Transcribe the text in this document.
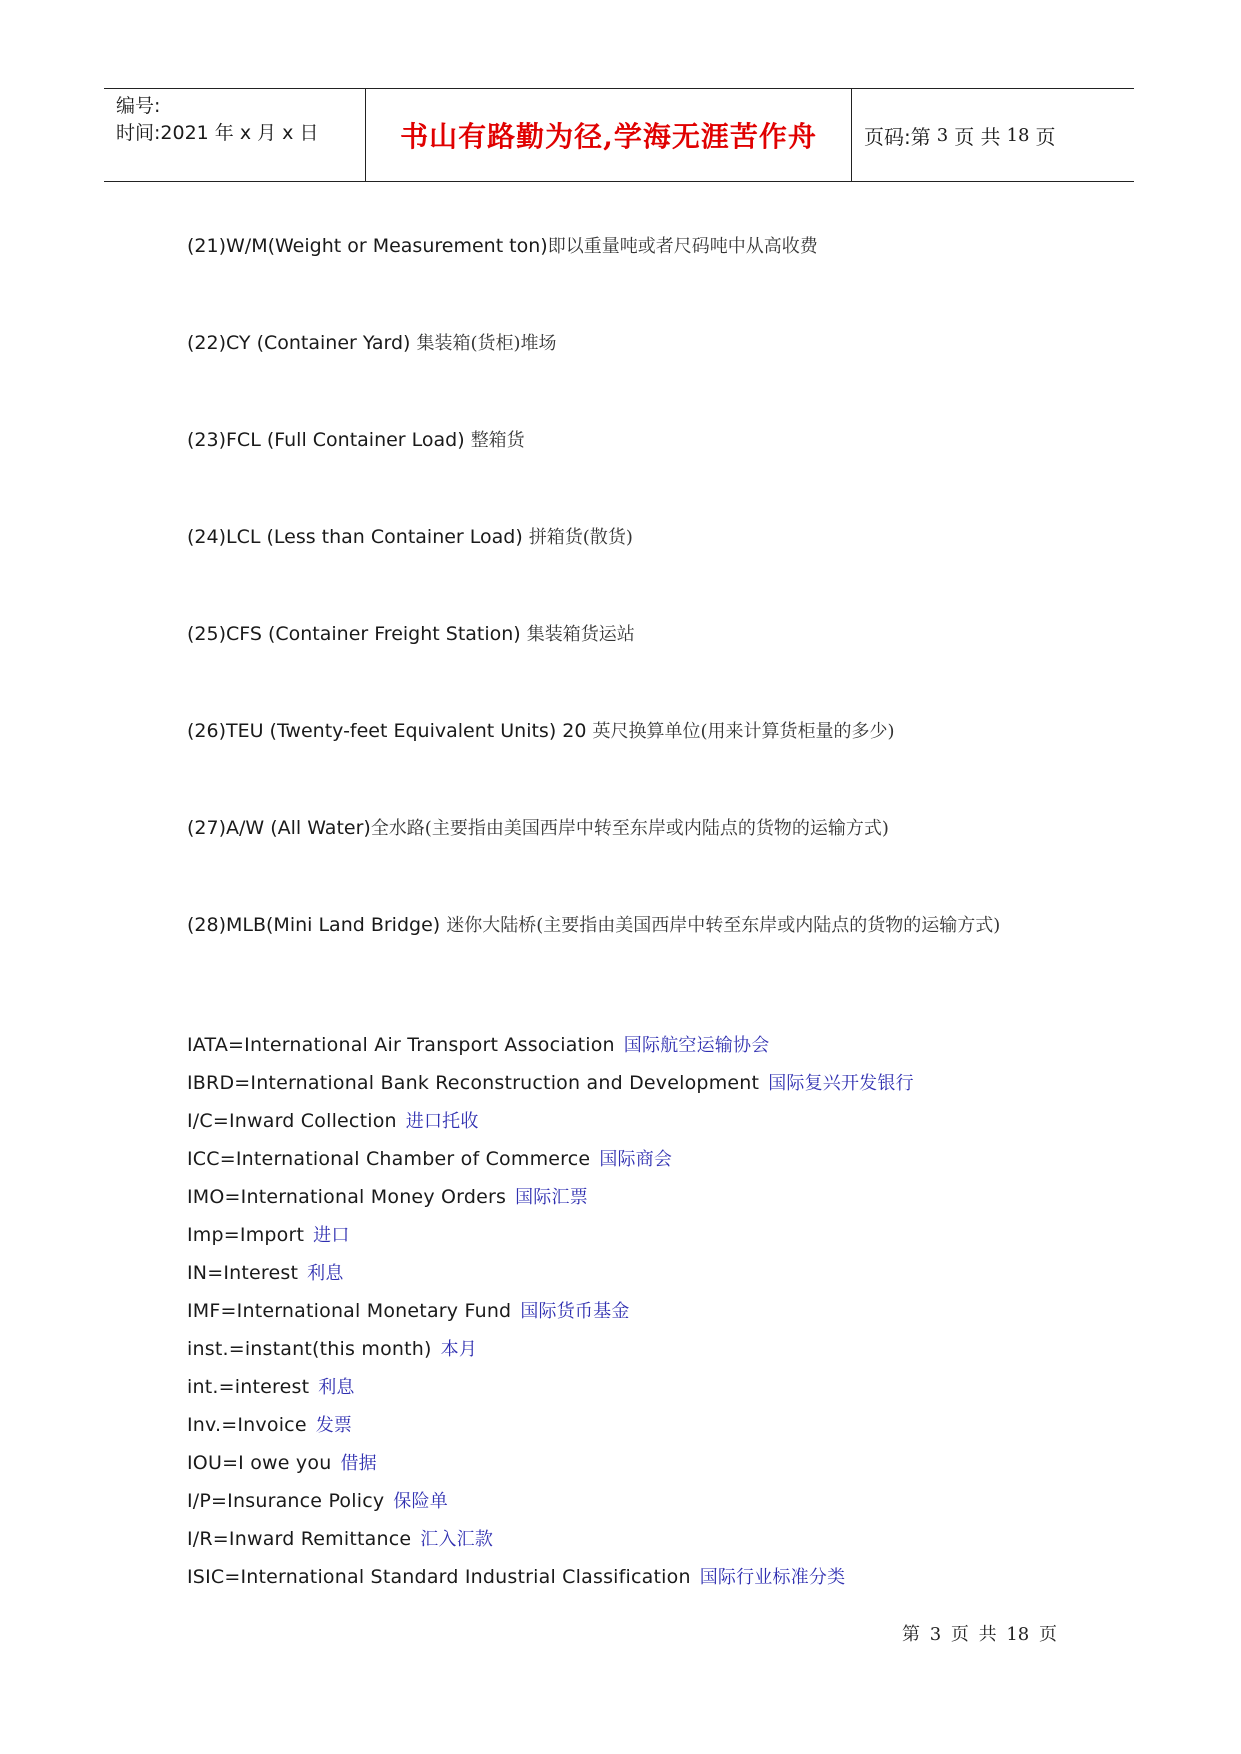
编号:
时间:2021 年 x 月 x 日	书山有路勤为径,学海无涯苦作舟 页码:第 3 页 共 18 页
(21)W/M(Weight or Measurement ton)即以重量吨或者尺码吨中从高收费
(22)CY (Container Yard) 集装箱(货柜)堆场
(23)FCL (Full Container Load) 整箱货
(24)LCL (Less than Container Load) 拼箱货(散货)
(25)CFS (Container Freight Station) 集装箱货运站
(26)TEU (Twenty-feet Equivalent Units) 20 英尺换算单位(用来计算货柜量的多少)
(27)A/W (All Water)全水路(主要指由美国西岸中转至东岸或内陆点的货物的运输方式)
(28)MLB(Mini Land Bridge) 迷你大陆桥(主要指由美国西岸中转至东岸或内陆点的货物的运输方式)
IATA=International Air Transport Association 国际航空运输协会
IBRD=International Bank Reconstruction and Development 国际复兴开发银行
I/C=Inward Collection 进口托收
ICC=International Chamber of Commerce 国际商会
IMO=International Money Orders 国际汇票
Imp=Import 进口
IN=Interest 利息
IMF=International Monetary Fund 国际货币基金
inst.=instant(this month) 本月
int.=interest 利息
Inv.=Invoice 发票
IOU=I owe you 借据
I/P=Insurance Policy 保险单
I/R=Inward Remittance 汇入汇款
ISIC=International Standard Industrial Classification 国际行业标准分类
第 3 页 共 18 页
